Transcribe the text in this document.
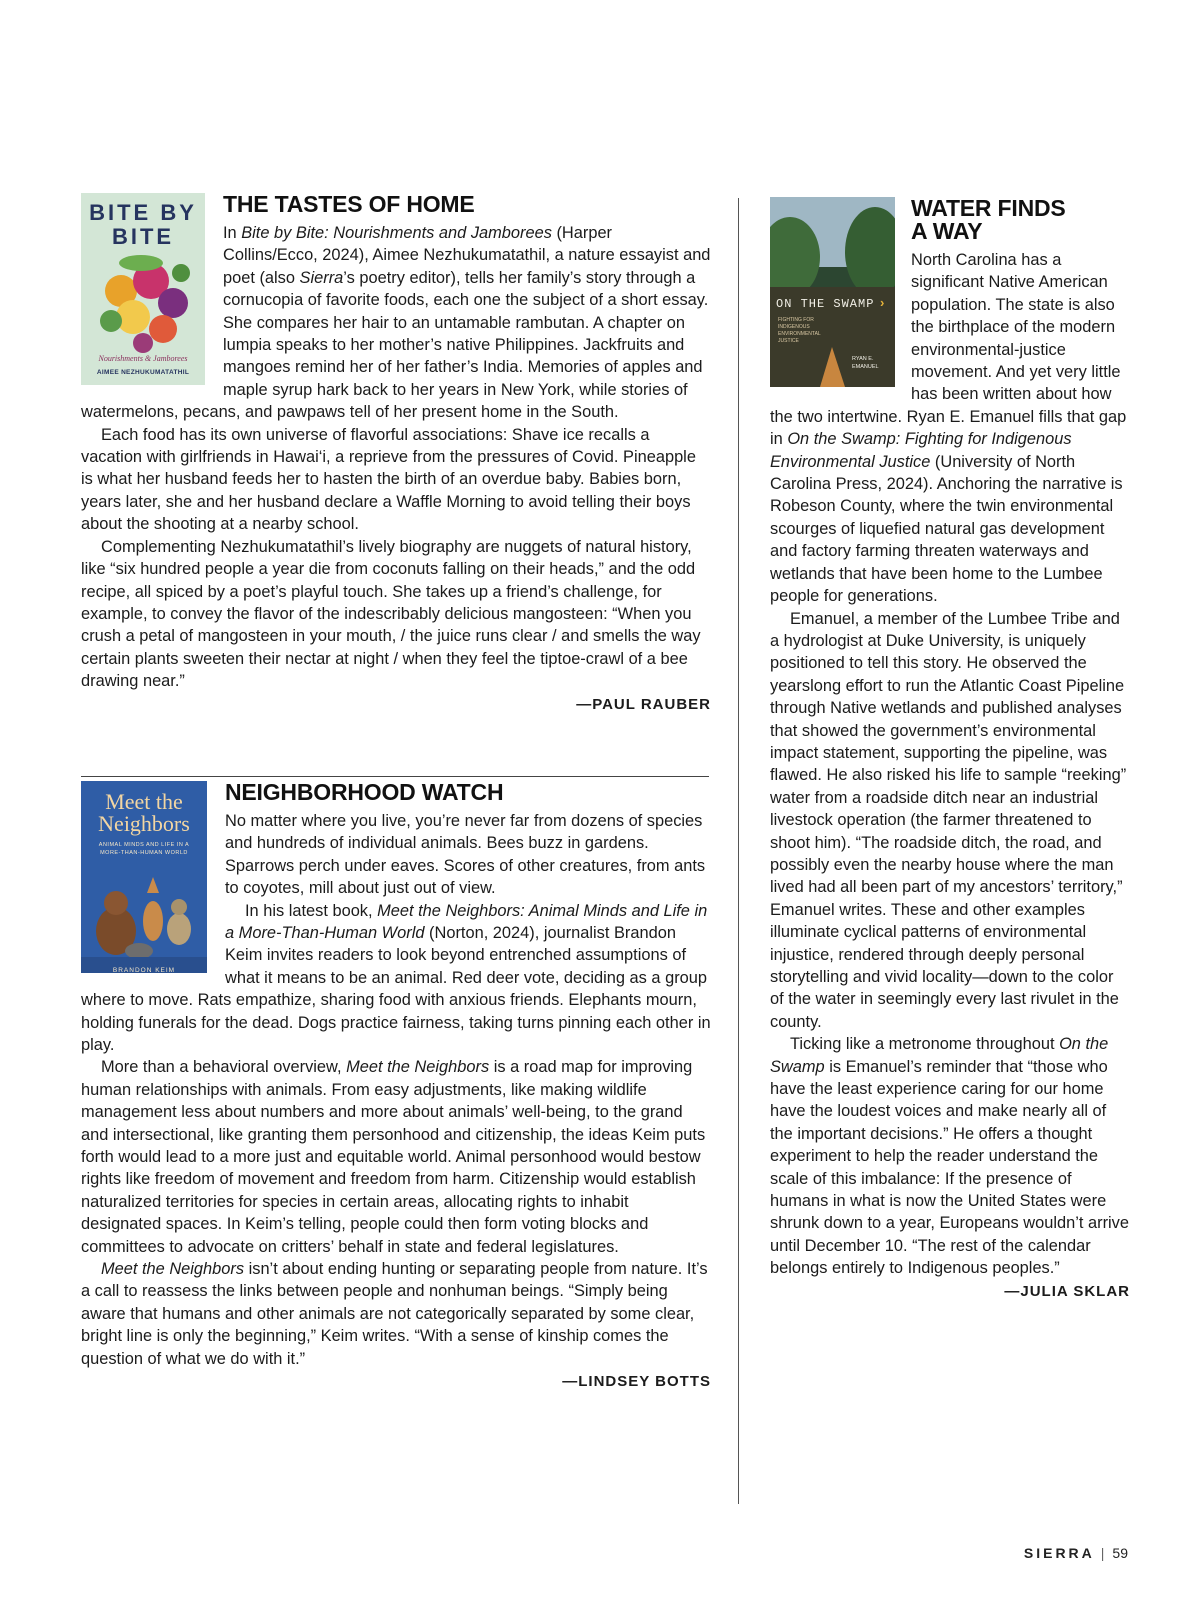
BITE BY BITE
Nourishments & Jamborees
AIMEE NEZHUKUMATATHIL
THE TASTES OF HOME

In Bite by Bite: Nourishments and Jamborees (Harper Collins/Ecco, 2024), Aimee Nezhukumatathil, a nature essayist and poet (also Sierra’s poetry editor), tells her family’s story through a cornucopia of favorite foods, each one the subject of a short essay. She compares her hair to an untamable rambutan. A chapter on lumpia speaks to her mother’s native Philippines. Jackfruits and mangoes remind her of her father’s India. Memories of apples and maple syrup hark back to her years in New York, while stories of watermelons, pecans, and pawpaws tell of her present home in the South.

Each food has its own universe of flavorful associations: Shave ice recalls a vacation with girlfriends in Hawai‘i, a reprieve from the pressures of Covid. Pineapple is what her husband feeds her to hasten the birth of an overdue baby. Babies born, years later, she and her husband declare a Waffle Morning to avoid telling their boys about the shooting at a nearby school.

Complementing Nezhukumatathil’s lively biography are nuggets of natural history, like “six hundred people a year die from coconuts falling on their heads,” and the odd recipe, all spiced by a poet’s playful touch. She takes up a friend’s challenge, for example, to convey the flavor of the indescribably delicious mangosteen: “When you crush a petal of mangosteen in your mouth, / the juice runs clear / and smells the way certain plants sweeten their nectar at night / when they feel the tiptoe-crawl of a bee drawing near.”

—PAUL RAUBER
Meet the Neighbors
ANIMAL MINDS AND LIFE IN A MORE-THAN-HUMAN WORLD
BRANDON KEIM
NEIGHBORHOOD WATCH

No matter where you live, you’re never far from dozens of species and hundreds of individual animals. Bees buzz in gardens. Sparrows perch under eaves. Scores of other creatures, from ants to coyotes, mill about just out of view.

In his latest book, Meet the Neighbors: Animal Minds and Life in a More-Than-Human World (Norton, 2024), journalist Brandon Keim invites readers to look beyond entrenched assumptions of what it means to be an animal. Red deer vote, deciding as a group where to move. Rats empathize, sharing food with anxious friends. Elephants mourn, holding funerals for the dead. Dogs practice fairness, taking turns pinning each other in play.

More than a behavioral overview, Meet the Neighbors is a road map for improving human relationships with animals. From easy adjustments, like making wildlife management less about numbers and more about animals’ well-being, to the grand and intersectional, like granting them personhood and citizenship, the ideas Keim puts forth would lead to a more just and equitable world. Animal personhood would bestow rights like freedom of movement and freedom from harm. Citizenship would establish naturalized territories for species in certain areas, allocating rights to inhabit designated spaces. In Keim’s telling, people could then form voting blocks and committees to advocate on critters’ behalf in state and federal legislatures.

Meet the Neighbors isn’t about ending hunting or separating people from nature. It’s a call to reassess the links between people and nonhuman beings. “Simply being aware that humans and other animals are not categorically separated by some clear, bright line is only the beginning,” Keim writes. “With a sense of kinship comes the question of what we do with it.”

—LINDSEY BOTTS
ON THE SWAMP ›
FIGHTING FOR INDIGENOUS ENVIRONMENTAL JUSTICE
RYAN E. EMANUEL
WATER FINDS
A WAY

North Carolina has a significant Native American population. The state is also the birthplace of the modern environmental-justice movement. And yet very little has been written about how the two intertwine. Ryan E. Emanuel fills that gap in On the Swamp: Fighting for Indigenous Environmental Justice (University of North Carolina Press, 2024). Anchoring the narrative is Robeson County, where the twin environmental scourges of liquefied natural gas development and factory farming threaten waterways and wetlands that have been home to the Lumbee people for generations.

Emanuel, a member of the Lumbee Tribe and a hydrologist at Duke University, is uniquely positioned to tell this story. He observed the yearslong effort to run the Atlantic Coast Pipeline through Native wetlands and published analyses that showed the government’s environmental impact statement, supporting the pipeline, was flawed. He also risked his life to sample “reeking” water from a roadside ditch near an industrial livestock operation (the farmer threatened to shoot him). “The roadside ditch, the road, and possibly even the nearby house where the man lived had all been part of my ancestors’ territory,” Emanuel writes. These and other examples illuminate cyclical patterns of environmental injustice, rendered through deeply personal storytelling and vivid locality—down to the color of the water in seemingly every last rivulet in the county.

Ticking like a metronome throughout On the Swamp is Emanuel’s reminder that “those who have the least experience caring for our home have the loudest voices and make nearly all of the important decisions.” He offers a thought experiment to help the reader understand the scale of this imbalance: If the presence of humans in what is now the United States were shrunk down to a year, Europeans wouldn’t arrive until December 10. “The rest of the calendar belongs entirely to Indigenous peoples.”

—JULIA SKLAR
SIERRA | 59
